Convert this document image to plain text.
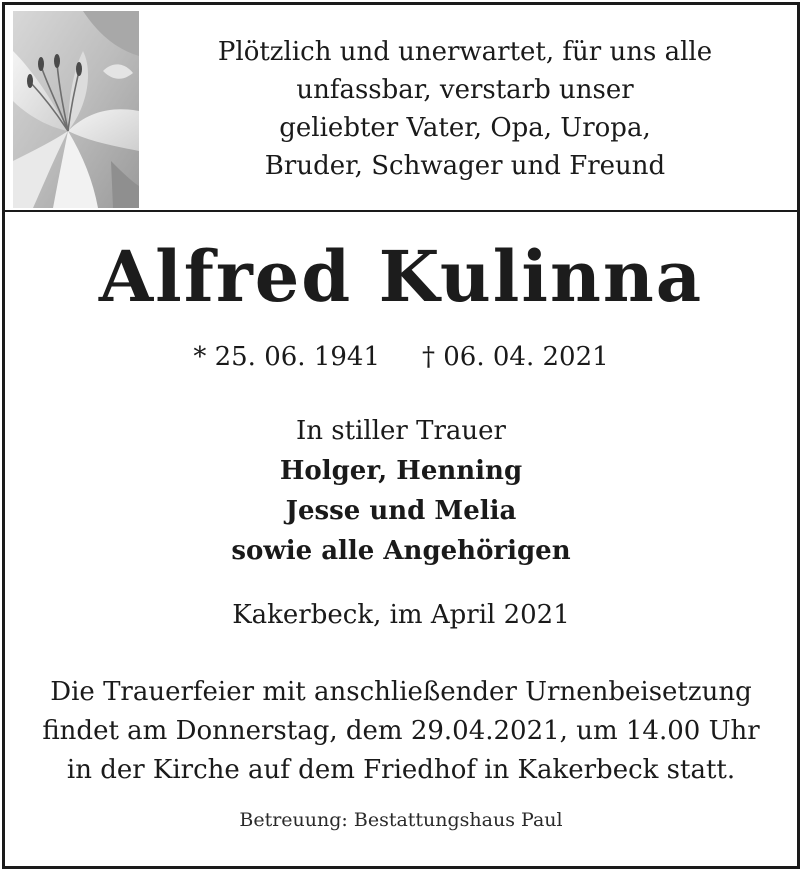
Plötzlich und unerwartet, für uns alle
unfassbar, verstarb unser
geliebter Vater, Opa, Uropa,
Bruder, Schwager und Freund
Alfred Kulinna
* 25. 06. 1941 † 06. 04. 2021
In stiller Trauer
Holger, Henning
Jesse und Melia
sowie alle Angehörigen
Kakerbeck, im April 2021
Die Trauerfeier mit anschließender Urnenbeisetzung
findet am Donnerstag, dem 29.04.2021, um 14.00 Uhr
in der Kirche auf dem Friedhof in Kakerbeck statt.
Betreuung: Bestattungshaus Paul
